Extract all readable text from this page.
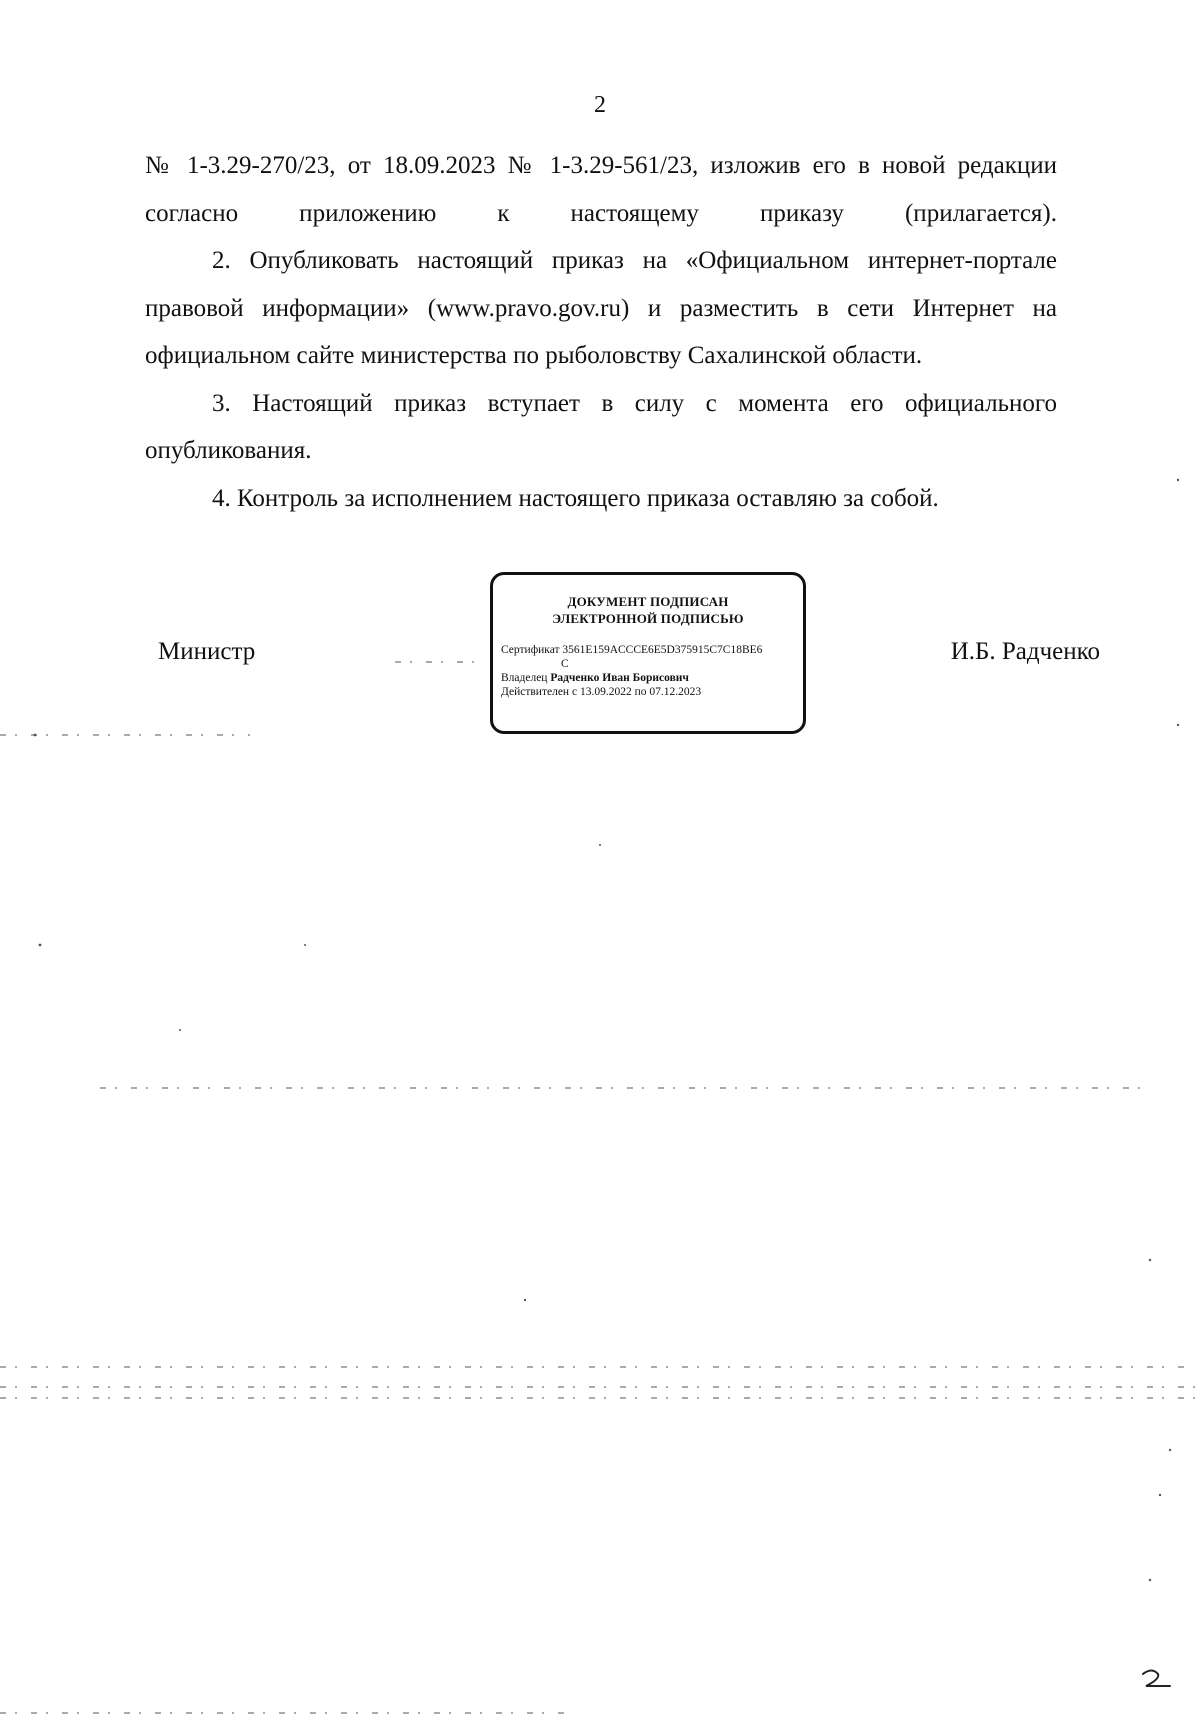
2

№ 1-3.29-270/23, от 18.09.2023 № 1-3.29-561/23, изложив его в новой редакции согласно приложению к настоящему приказу (прилагается).

2. Опубликовать настоящий приказ на «Официальном интернет-портале правовой информации» (www.pravo.gov.ru) и разместить в сети Интернет на официальном сайте министерства по рыболовству Сахалинской области.

3. Настоящий приказ вступает в силу с момента его официального опубликования.

4. Контроль за исполнением настоящего приказа оставляю за собой.

Министр
ДОКУМЕНТ ПОДПИСАН
ЭЛЕКТРОННОЙ ПОДПИСЬЮ
Сертификат 3561E159ACCCE6E5D375915C7C18BE6
C
Владелец Радченко Иван Борисович
Действителен с 13.09.2022 по 07.12.2023
И.Б. Радченко
